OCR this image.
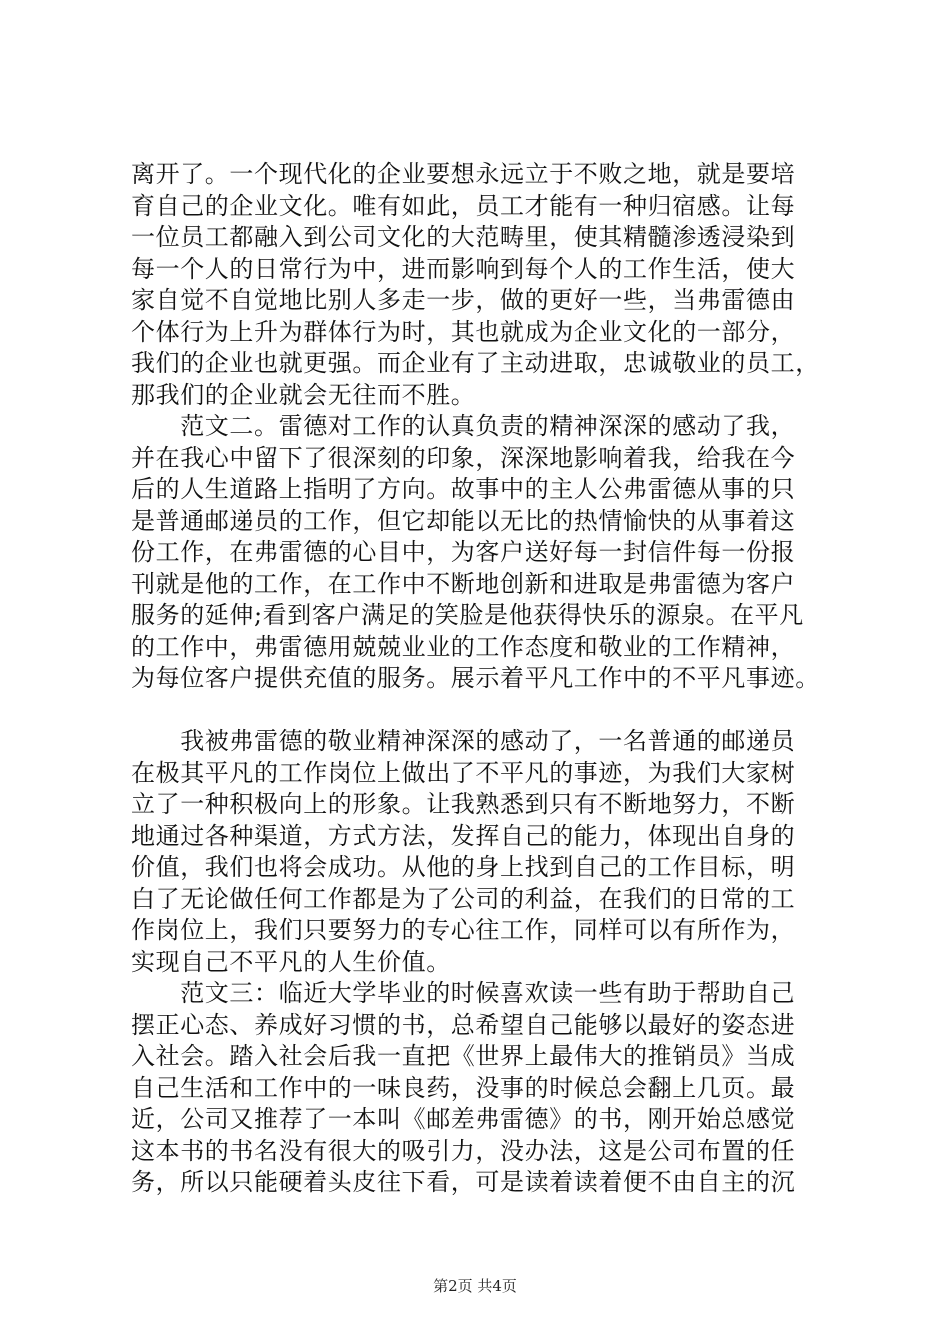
离开了。一个现代化的企业要想永远立于不败之地，就是要培
育自己的企业文化。唯有如此，员工才能有一种归宿感。让每
一位员工都融入到公司文化的大范畴里，使其精髓渗透浸染到
每一个人的日常行为中，进而影响到每个人的工作生活，使大
家自觉不自觉地比别人多走一步，做的更好一些，当弗雷德由
个体行为上升为群体行为时，其也就成为企业文化的一部分，
我们的企业也就更强。而企业有了主动进取，忠诚敬业的员工，
那我们的企业就会无往而不胜。
　　范文二。雷德对工作的认真负责的精神深深的感动了我，
并在我心中留下了很深刻的印象，深深地影响着我，给我在今
后的人生道路上指明了方向。故事中的主人公弗雷德从事的只
是普通邮递员的工作，但它却能以无比的热情愉快的从事着这
份工作，在弗雷德的心目中，为客户送好每一封信件每一份报
刊就是他的工作，在工作中不断地创新和进取是弗雷德为客户
服务的延伸;看到客户满足的笑脸是他获得快乐的源泉。在平凡
的工作中，弗雷德用兢兢业业的工作态度和敬业的工作精神，
为每位客户提供充值的服务。展示着平凡工作中的不平凡事迹。
　　我被弗雷德的敬业精神深深的感动了，一名普通的邮递员
在极其平凡的工作岗位上做出了不平凡的事迹，为我们大家树
立了一种积极向上的形象。让我熟悉到只有不断地努力，不断
地通过各种渠道，方式方法，发挥自己的能力，体现出自身的
价值，我们也将会成功。从他的身上找到自己的工作目标，明
白了无论做任何工作都是为了公司的利益，在我们的日常的工
作岗位上，我们只要努力的专心往工作，同样可以有所作为，
实现自己不平凡的人生价值。
　　范文三：临近大学毕业的时候喜欢读一些有助于帮助自己
摆正心态、养成好习惯的书，总希望自己能够以最好的姿态进
入社会。踏入社会后我一直把《世界上最伟大的推销员》当成
自己生活和工作中的一味良药，没事的时候总会翻上几页。最
近，公司又推荐了一本叫《邮差弗雷德》的书，刚开始总感觉
这本书的书名没有很大的吸引力，没办法，这是公司布置的任
务，所以只能硬着头皮往下看，可是读着读着便不由自主的沉
第2页 共4页
